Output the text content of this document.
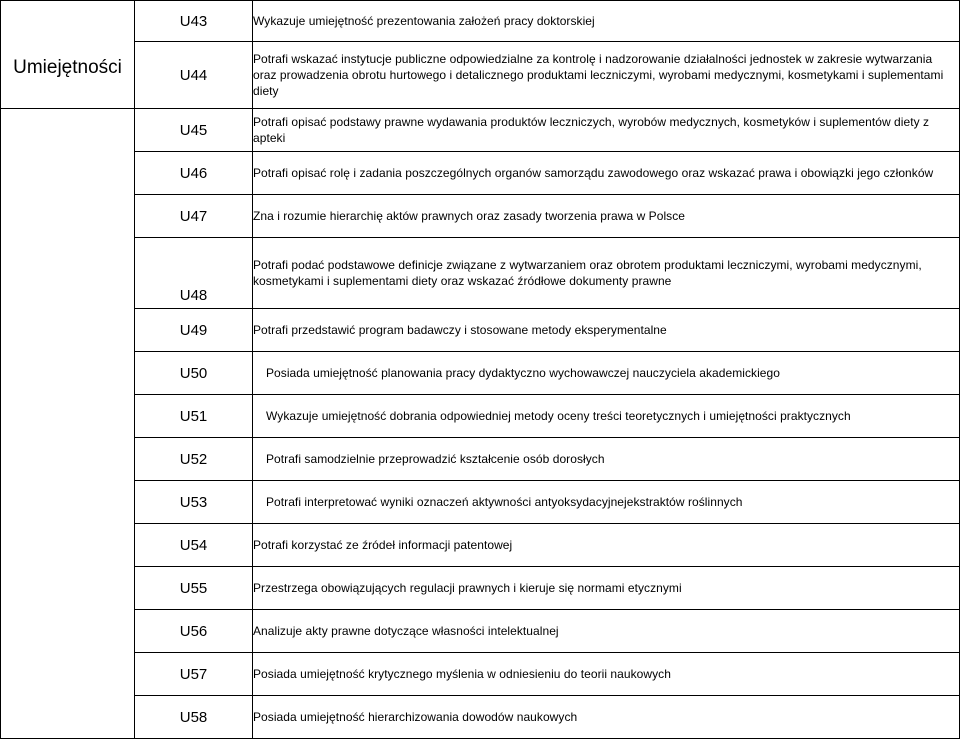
Umiejętności	U43	Wykazuje umiejętność prezentowania założeń pracy doktorskiej
	U44	Potrafi wskazać instytucje publiczne odpowiedzialne za kontrolę i nadzorowanie działalności jednostek w zakresie wytwarzania oraz prowadzenia obrotu hurtowego i detalicznego produktami leczniczymi, wyrobami medycznymi, kosmetykami i suplementami diety
	U45	Potrafi opisać podstawy prawne wydawania produktów leczniczych, wyrobów medycznych, kosmetyków i suplementów diety z apteki
	U46	Potrafi opisać rolę i zadania poszczególnych organów samorządu zawodowego oraz wskazać prawa i obowiązki jego członków
	U47	Zna i rozumie hierarchię aktów prawnych oraz zasady tworzenia prawa w Polsce
	U48	Potrafi podać podstawowe definicje związane z wytwarzaniem oraz obrotem produktami leczniczymi, wyrobami medycznymi, kosmetykami i suplementami diety oraz wskazać źródłowe dokumenty prawne
	U49	Potrafi przedstawić program badawczy i stosowane metody eksperymentalne
	U50	Posiada umiejętność planowania pracy dydaktyczno wychowawczej nauczyciela akademickiego
	U51	Wykazuje umiejętność dobrania odpowiedniej metody oceny treści teoretycznych i umiejętności praktycznych
	U52	Potrafi samodzielnie przeprowadzić kształcenie osób dorosłych
	U53	Potrafi interpretować wyniki oznaczeń aktywności antyoksydacyjnejekstraktów roślinnych
	U54	Potrafi korzystać ze źródeł informacji patentowej
	U55	Przestrzega obowiązujących regulacji prawnych i kieruje się normami etycznymi
	U56	Analizuje akty prawne dotyczące własności intelektualnej
	U57	Posiada umiejętność krytycznego myślenia w odniesieniu do teorii naukowych
	U58	Posiada umiejętność hierarchizowania dowodów naukowych
